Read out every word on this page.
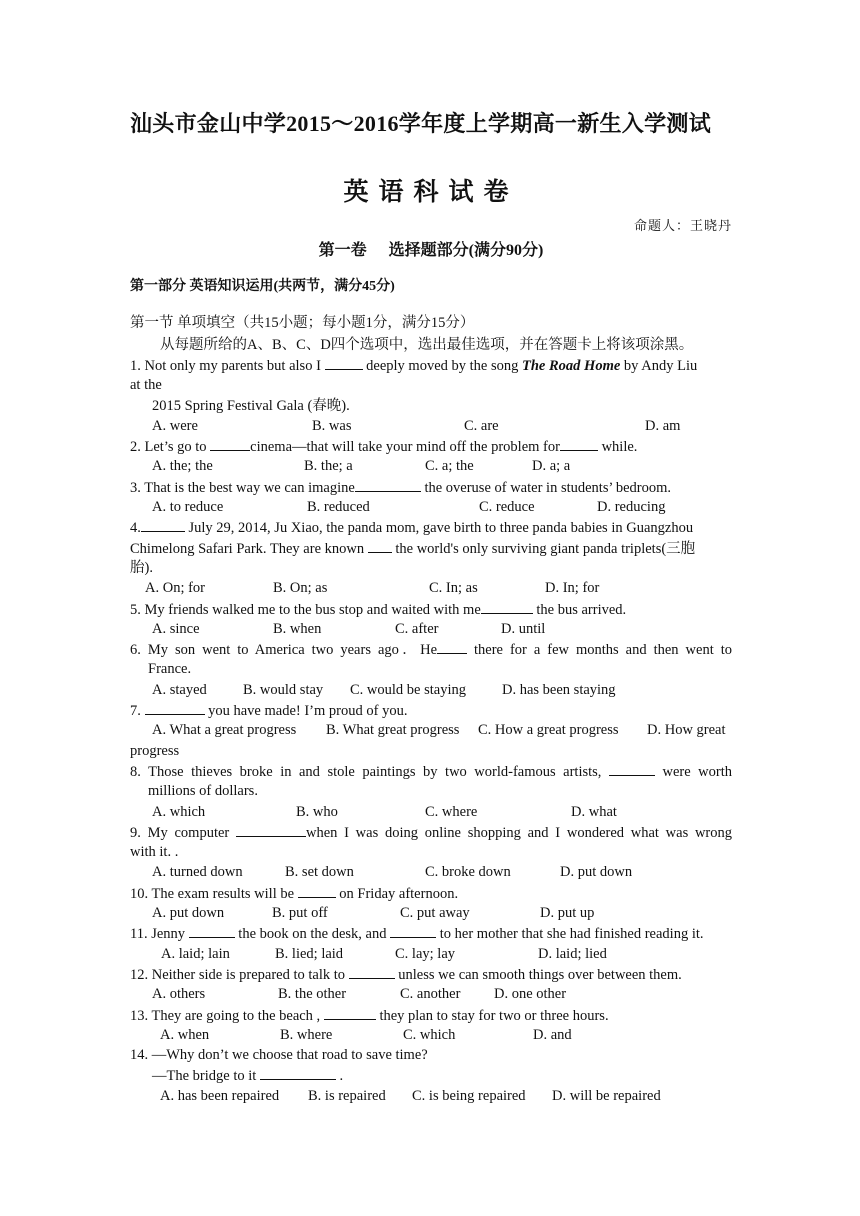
汕头市金山中学2015～2016学年度上学期高一新生入学测试
英语科试卷
命题人：王晓丹
第一卷 选择题部分(满分90分)
第一部分 英语知识运用(共两节，满分45分)
第一节 单项填空（共15小题；每小题1分，满分15分）
从每题所给的A、B、C、D四个选项中，选出最佳选项，并在答题卡上将该项涂黑。
1. Not only my parents but also I	deeply moved by the song The Road Home by Andy Liu
at the
2015 Spring Festival Gala (春晚).
A. were	B. was	C. are	D. am
2. Let’s go to	cinema—that will take your mind off the problem for	while.
A. the; the	B. the; a	C. a; the	D. a; a
3. That is the best way we can imagine	the overuse of water in students’ bedroom.
A. to reduce	B. reduced	C. reduce	D. reducing
4.	July 29, 2014, Ju Xiao, the panda mom, gave birth to three panda babies in Guangzhou
Chimelong Safari Park. They are known  the world's only surviving giant panda triplets(三胞
胎).
A. On; for	B. On; as	C. In; as	D. In; for
5. My friends walked me to the bus stop and waited with me	the bus arrived.
A. since	B. when	C. after	D. until
6. My son went to America two years ago．He there for a few months and then went to
France.
A. stayed B. would stay C. would be staying D. has been staying
7.	you have made! I’m proud of you.
A. What a great progress B. What great progress C. How a great progress D. How great
progress
8. Those thieves broke in and stole paintings by two world-famous artists,	were worth
millions of dollars.
A. which	B. who	C. where	D. what
9. My computer	when I was doing online shopping and I wondered what was wrong
with it. .
A. turned down	B. set down	C. broke down	D. put down
10. The exam results will be	on Friday afternoon.
A. put down	B. put off	C. put away	D. put up
11. Jenny	the book on the desk, and	to her mother that she had finished reading it.
A. laid; lain	B. lied; laid	C. lay; lay	D. laid; lied
12. Neither side is prepared to talk to	unless we can smooth things over between them.
A. others	B. the other	C. another D. one other
13. They are going to the beach ,	they plan to stay for two or three hours.
A. when	B. where	C. which	D. and
14. —Why don’t we choose that road to save time?
—The bridge to it	.
A. has been repaired B. is repaired C. is being repaired D. will be repaired
